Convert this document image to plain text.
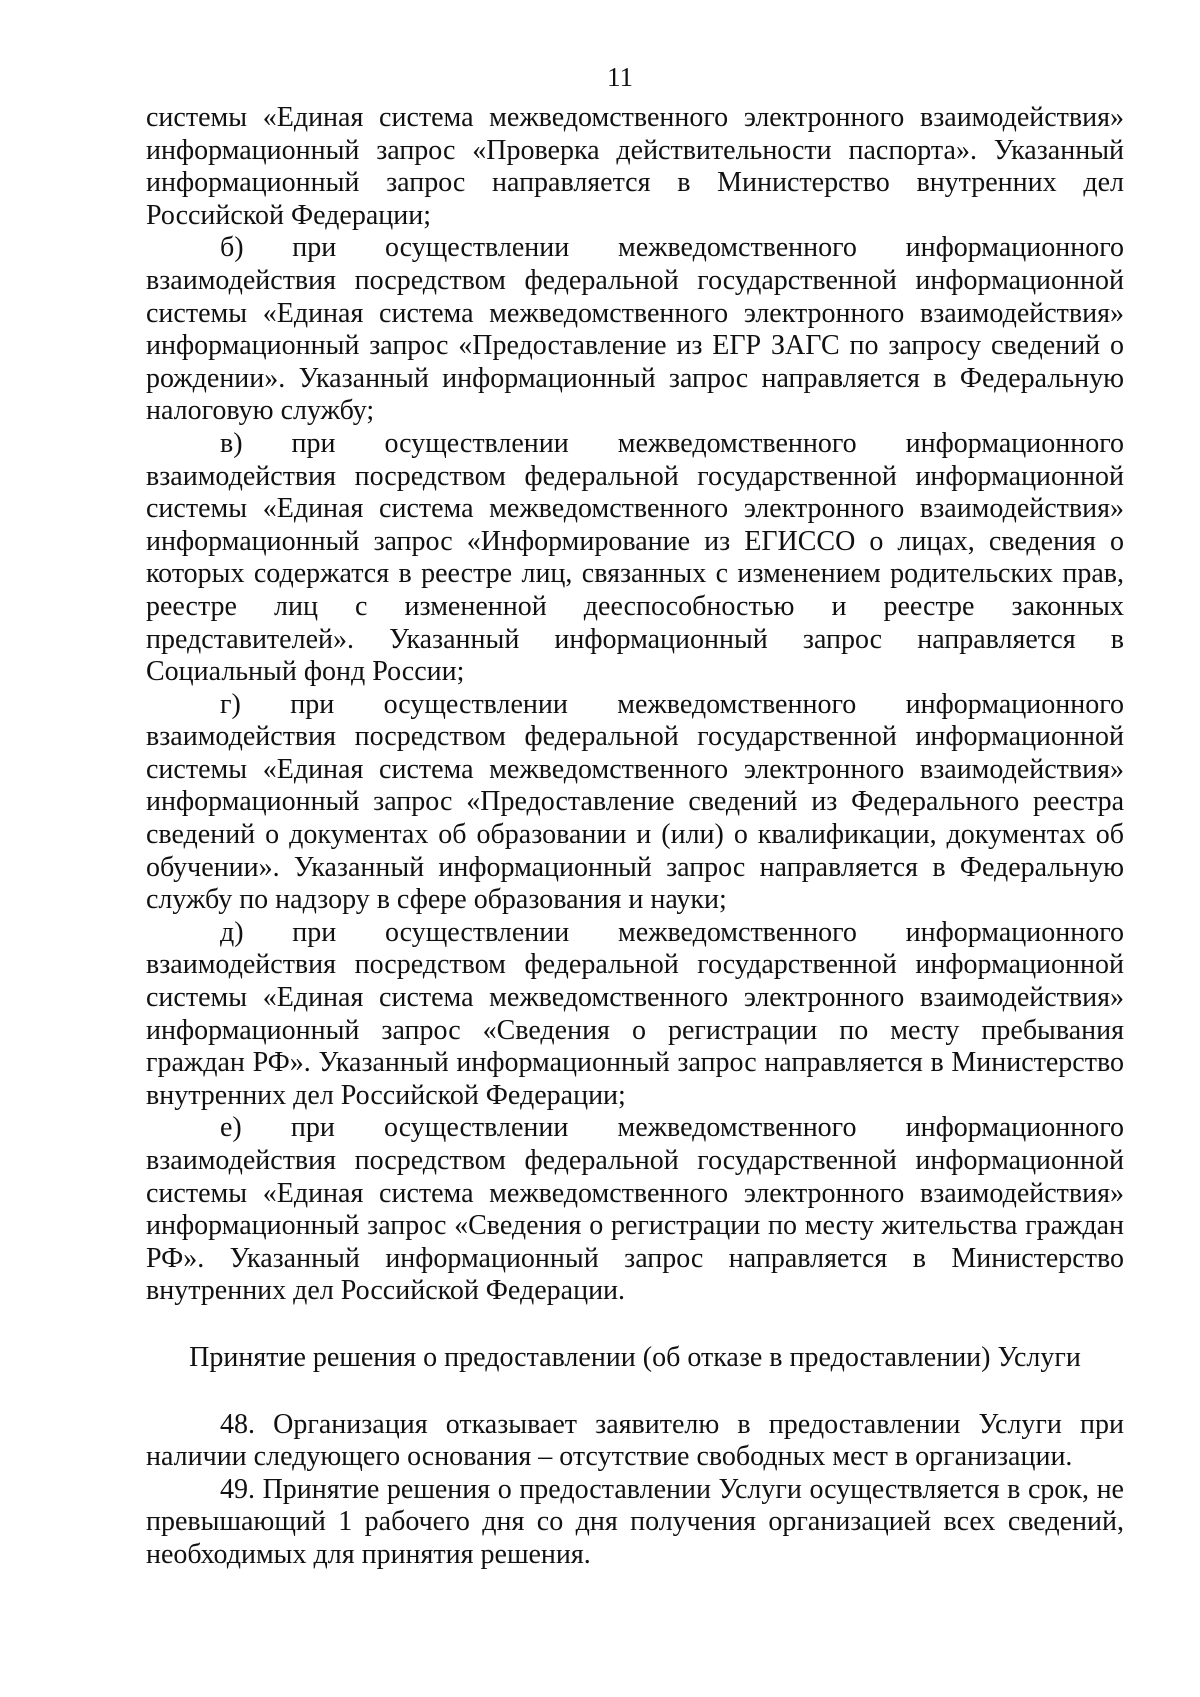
11

системы «Единая система межведомственного электронного взаимодействия» информационный запрос «Проверка действительности паспорта». Указанный информационный запрос направляется в Министерство внутренних дел Российской Федерации;

б) при осуществлении межведомственного информационного взаимодействия посредством федеральной государственной информационной системы «Единая система межведомственного электронного взаимодействия» информационный запрос «Предоставление из ЕГР ЗАГС по запросу сведений о рождении». Указанный информационный запрос направляется в Федеральную налоговую службу;

в) при осуществлении межведомственного информационного взаимодействия посредством федеральной государственной информационной системы «Единая система межведомственного электронного взаимодействия» информационный запрос «Информирование из ЕГИССО о лицах, сведения о которых содержатся в реестре лиц, связанных с изменением родительских прав, реестре лиц с измененной дееспособностью и реестре законных представителей». Указанный информационный запрос направляется в Социальный фонд России;

г) при осуществлении межведомственного информационного взаимодействия посредством федеральной государственной информационной системы «Единая система межведомственного электронного взаимодействия» информационный запрос «Предоставление сведений из Федерального реестра сведений о документах об образовании и (или) о квалификации, документах об обучении». Указанный информационный запрос направляется в Федеральную службу по надзору в сфере образования и науки;

д) при осуществлении межведомственного информационного взаимодействия посредством федеральной государственной информационной системы «Единая система межведомственного электронного взаимодействия» информационный запрос «Сведения о регистрации по месту пребывания граждан РФ». Указанный информационный запрос направляется в Министерство внутренних дел Российской Федерации;

е) при осуществлении межведомственного информационного взаимодействия посредством федеральной государственной информационной системы «Единая система межведомственного электронного взаимодействия» информационный запрос «Сведения о регистрации по месту жительства граждан РФ». Указанный информационный запрос направляется в Министерство внутренних дел Российской Федерации.

Принятие решения о предоставлении (об отказе в предоставлении) Услуги

48. Организация отказывает заявителю в предоставлении Услуги при наличии следующего основания – отсутствие свободных мест в организации.

49. Принятие решения о предоставлении Услуги осуществляется в срок, не превышающий 1 рабочего дня со дня получения организацией всех сведений, необходимых для принятия решения.
